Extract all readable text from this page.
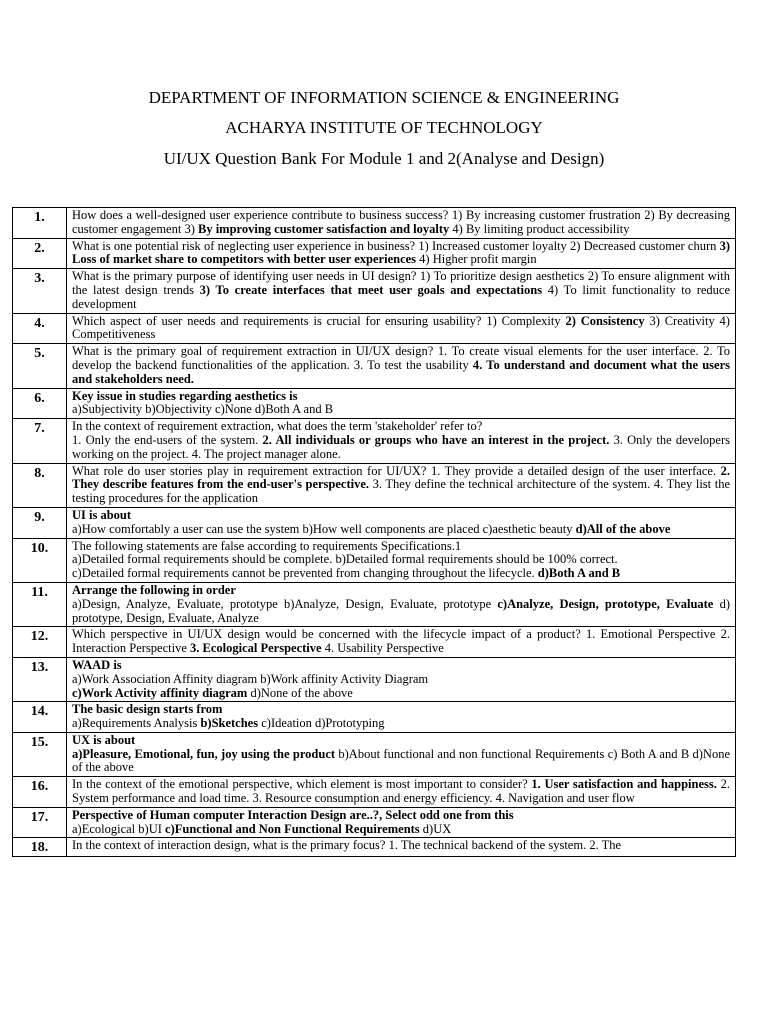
DEPARTMENT OF INFORMATION SCIENCE & ENGINEERING
ACHARYA INSTITUTE OF TECHNOLOGY
UI/UX Question Bank For Module 1 and 2(Analyse and Design)
1.	How does a well-designed user experience contribute to business success? 1) By increasing customer frustration 2) By decreasing customer engagement 3) By improving customer satisfaction and loyalty 4) By limiting product accessibility
2.	What is one potential risk of neglecting user experience in business? 1) Increased customer loyalty 2) Decreased customer churn 3) Loss of market share to competitors with better user experiences 4) Higher profit margin
3.	What is the primary purpose of identifying user needs in UI design? 1) To prioritize design aesthetics 2) To ensure alignment with the latest design trends 3) To create interfaces that meet user goals and expectations 4) To limit functionality to reduce development
4.	Which aspect of user needs and requirements is crucial for ensuring usability? 1) Complexity 2) Consistency 3) Creativity 4) Competitiveness
5.	What is the primary goal of requirement extraction in UI/UX design? 1. To create visual elements for the user interface. 2. To develop the backend functionalities of the application. 3. To test the usability 4. To understand and document what the users and stakeholders need.
6.	Key issue in studies regarding aesthetics is
a)Subjectivity b)Objectivity c)None d)Both A and B
7.	In the context of requirement extraction, what does the term 'stakeholder' refer to?
1. Only the end-users of the system. 2. All individuals or groups who have an interest in the project. 3. Only the developers working on the project. 4. The project manager alone.
8.	What role do user stories play in requirement extraction for UI/UX? 1. They provide a detailed design of the user interface. 2. They describe features from the end-user's perspective. 3. They define the technical architecture of the system. 4. They list the testing procedures for the application
9.	UI is about
a)How comfortably a user can use the system b)How well components are placed c)aesthetic beauty d)All of the above
10.	The following statements are false according to requirements Specifications.1
a)Detailed formal requirements should be complete. b)Detailed formal requirements should be 100% correct.
c)Detailed formal requirements cannot be prevented from changing throughout the lifecycle. d)Both A and B
11.	Arrange the following in order
a)Design, Analyze, Evaluate, prototype b)Analyze, Design, Evaluate, prototype c)Analyze, Design, prototype, Evaluate d) prototype, Design, Evaluate, Analyze
12.	Which perspective in UI/UX design would be concerned with the lifecycle impact of a product? 1. Emotional Perspective 2. Interaction Perspective 3. Ecological Perspective 4. Usability Perspective
13.	WAAD is
a)Work Association Affinity diagram b)Work affinity Activity Diagram
c)Work Activity affinity diagram d)None of the above
14.	The basic design starts from
a)Requirements Analysis b)Sketches c)Ideation d)Prototyping
15.	UX is about
a)Pleasure, Emotional, fun, joy using the product b)About functional and non functional Requirements c) Both A and B d)None of the above
16.	In the context of the emotional perspective, which element is most important to consider? 1. User satisfaction and happiness. 2. System performance and load time. 3. Resource consumption and energy efficiency. 4. Navigation and user flow
17.	Perspective of Human computer Interaction Design are..?, Select odd one from this
a)Ecological b)UI c)Functional and Non Functional Requirements d)UX
18.	In the context of interaction design, what is the primary focus? 1. The technical backend of the system. 2. The
